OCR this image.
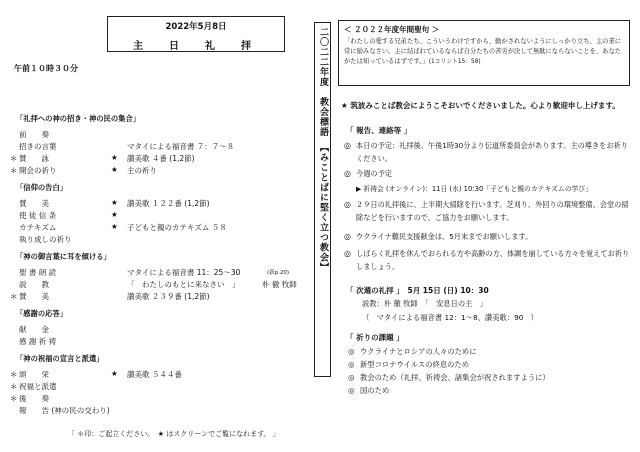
2022年5月8日
主　日　礼　拝
午前１０時３０分
「礼拝への神の招き・神の民の集合」
前　　奏
招きの言葉	マタイによる福音書 ７：７～８
＊ 賛　　詠	★ 讃美歌 ４番 (1,2節)
＊ 開会の祈り	★ 主の祈り
「信仰の告白」
賛　　美	★ 讃美歌 １２２番 (1,2節)
使 徒 信 条	★
カテキズム	★ 子どもと親のカテキズム ５８
執り成しの祈り
「神の御言葉に耳を傾ける」
聖 書 朗 読	マタイによる福音書 11：25～30	(新p.20)
説　　教	「　わたしのもとに来なさい　」	朴 徹 牧師
＊ 賛　　美	讃美歌 ２３９番 (1,2節)
「感謝の応答」
献　　金
感 謝 祈 祷
「神の祝福の宣言と派遣」
＊ 頌　　栄	★ 讃美歌 ５４４番
＊ 祝福と派遣
＊ 後　　奏
報　　告 (神の民の交わり)
「 ＊印：ご起立ください。　★ はスクリーンでご覧になれます。 」
二〇二二年度　教会標語　【みことばに堅く立つ教会】 ＜ ２０２２年度年間聖句 ＞
「わたしの愛する兄弟たち、こういうわけですから、動かされないようにしっかり立ち、主の業に常に励みなさい。主に結ばれているならば自分たちの苦労が決して無駄にならないことを、あなたがたは知っているはずです。」(1コリント15：58)
★ 筑波みことば教会にようこそおいでくださいました。心より歓迎申し上げます。
「 報告、連絡等 」
◎ 本日の予定：礼拝後、午後1時30分より伝道所委員会があります。主の導きをお祈りください。
◎ 今週の予定
▶ 祈祷会 (オンライン)：11日 (水) 10:30「子どもと親のカテキズムの学び」
◎ ２９日の礼拝後に、上半期大掃除を行います。芝刈り、外回りの環境整備、会堂の掃除などを行いますので、ご協力をお願いします。
◎ ウクライナ難民支援献金は、5月末までお願いします。
◎ しばらく礼拝を休んでおられる方や高齢の方、体調を崩している方々を覚えてお祈りしましょう。
「 次週の礼拝 」　5月 15日 (日) 10：30
説教：朴 徹 牧師　「　安息日の主　」
（　マタイによる福音書 12：1～8、讃美歌：90　）
「 祈りの課題 」
◎ ウクライナとロシアの人々のために
◎ 新型コロナウイルスの終息のため
◎ 教会のため（礼拝、祈祷会、諸集会が祝されますように）
◎ 国のため
